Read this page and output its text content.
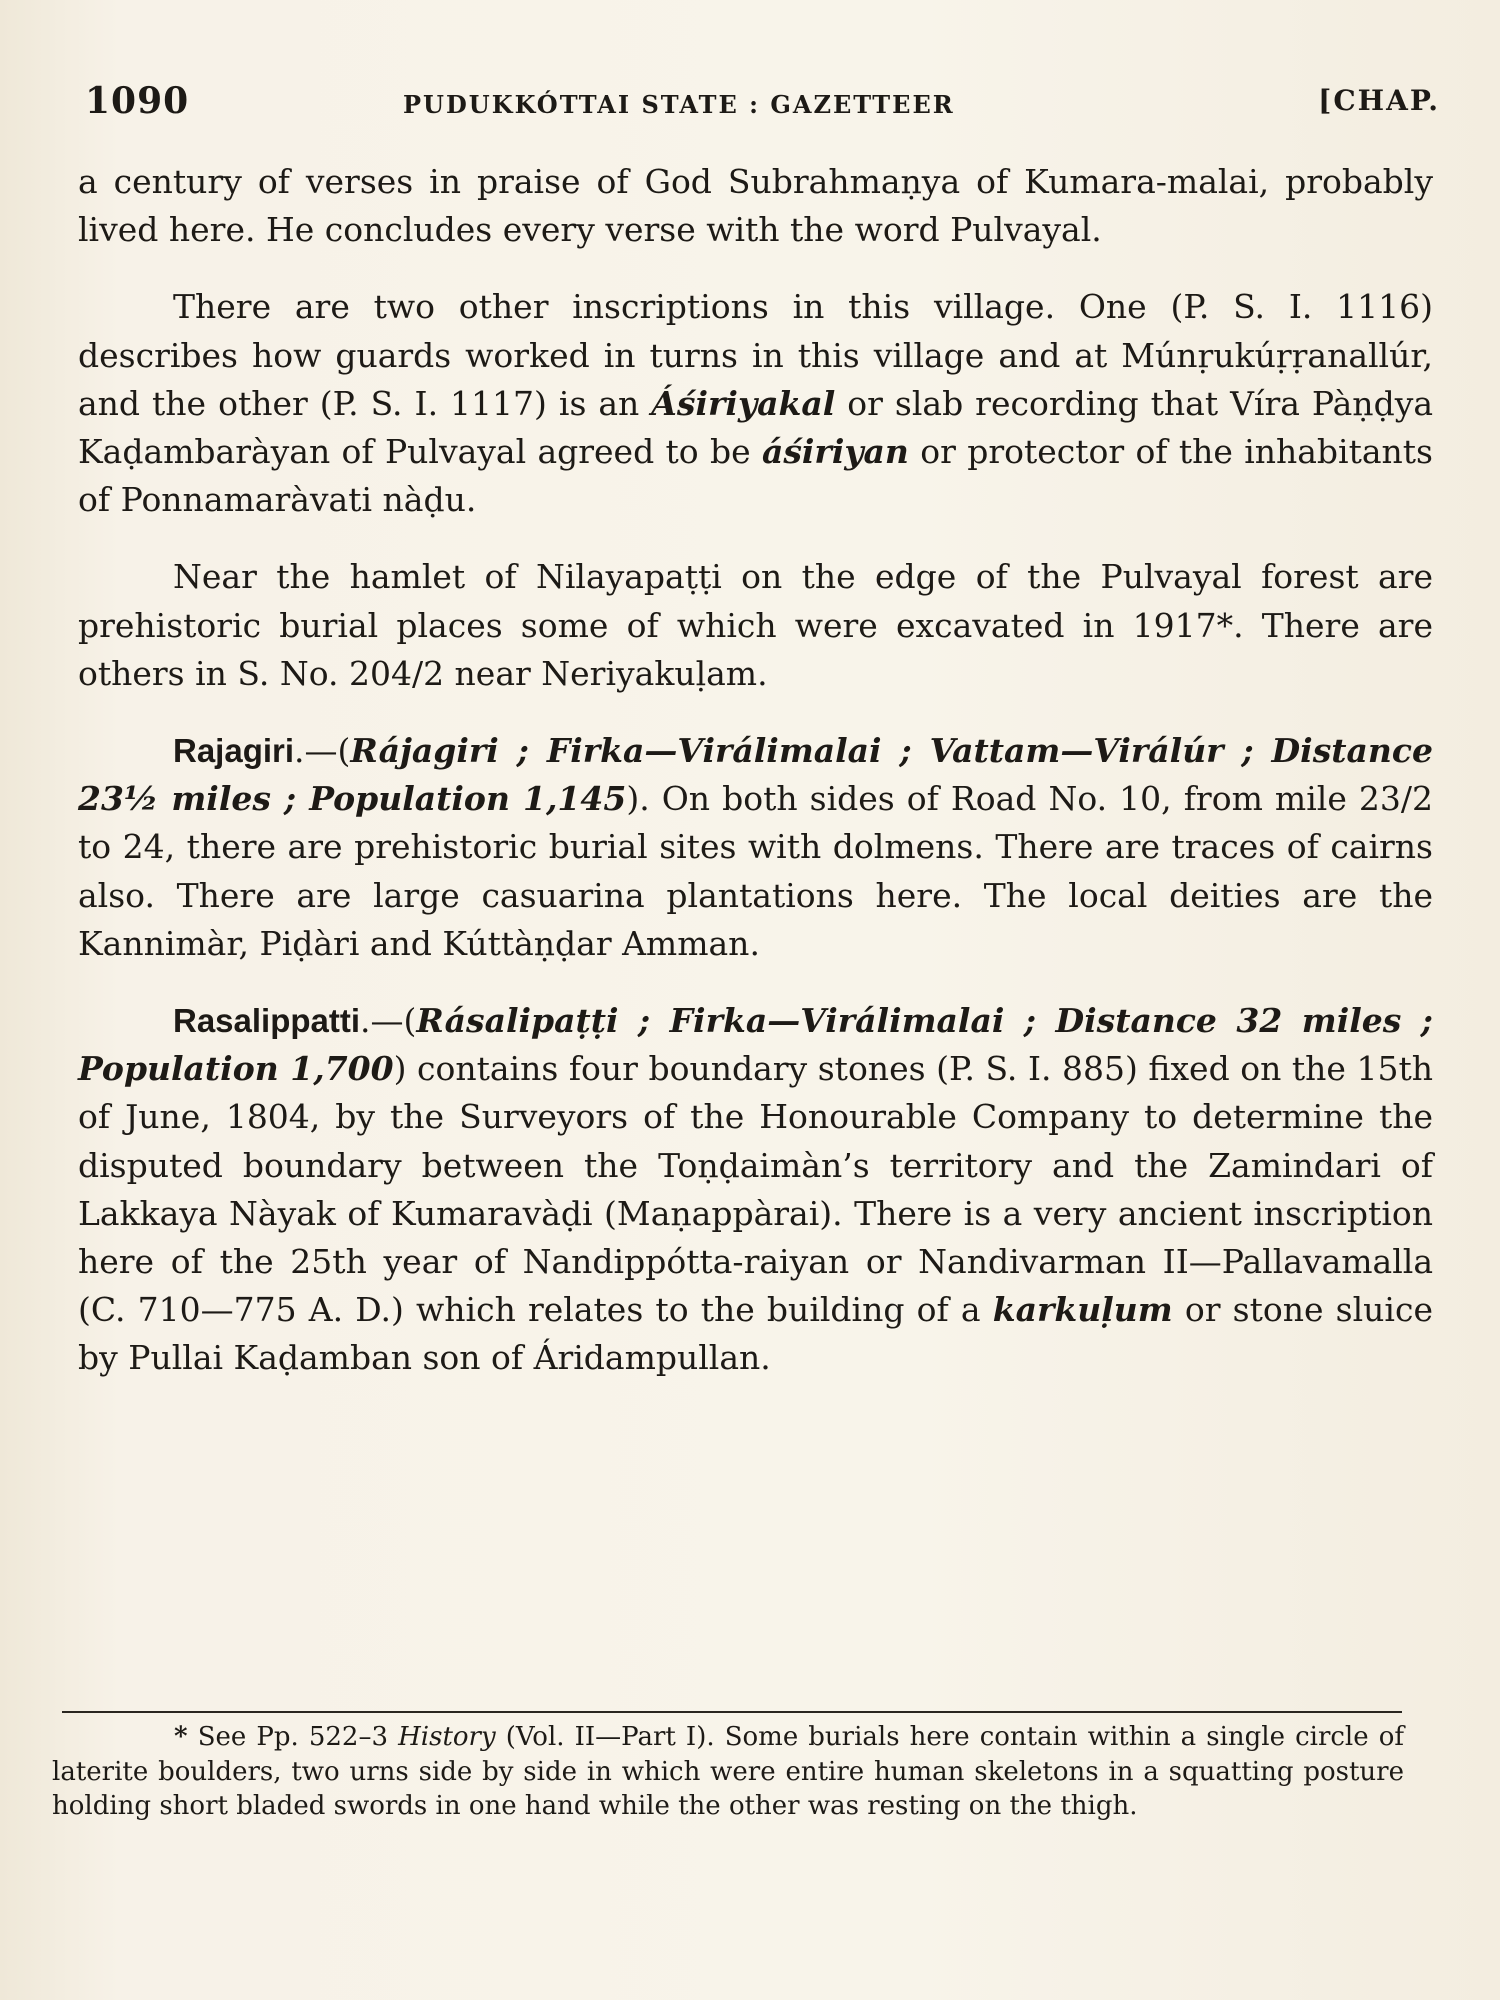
1090	PUDUKKÓTTAI STATE : GAZETTEER	[CHAP.

a century of verses in praise of God Subrahmaṇya of Kumara-malai, probably lived here. He concludes every verse with the word Pulvayal.

There are two other inscriptions in this village. One (P. S. I. 1116) describes how guards worked in turns in this village and at Múnṛukúṛṛanallúr, and the other (P. S. I. 1117) is an Áśiriyakal or slab recording that Víra Pàṇḍya Kaḍambaràyan of Pulvayal agreed to be áśiriyan or protector of the inhabitants of Ponnamaràvati nàḍu.

Near the hamlet of Nilayapaṭṭi on the edge of the Pulvayal forest are prehistoric burial places some of which were excavated in 1917*. There are others in S. No. 204/2 near Neriyakuḷam.

Rajagiri.—(Rájagiri ; Firka—Virálimalai ; Vattam—Virálúr ; Distance 23½ miles ; Population 1,145). On both sides of Road No. 10, from mile 23/2 to 24, there are prehistoric burial sites with dolmens. There are traces of cairns also. There are large casuarina plantations here. The local deities are the Kannimàr, Piḍàri and Kúttàṇḍar Amman.

Rasalippatti.—(Rásalipaṭṭi ; Firka—Virálimalai ; Distance 32 miles ; Population 1,700) contains four boundary stones (P. S. I. 885) fixed on the 15th of June, 1804, by the Surveyors of the Honourable Company to determine the disputed boundary between the Toṇḍaimàn’s territory and the Zamindari of Lakkaya Nàyak of Kumaravàḍi (Maṇappàrai). There is a very ancient inscription here of the 25th year of Nandippótta-raiyan or Nandivarman II—Pallavamalla (C. 710—775 A. D.) which relates to the building of a karkuḷum or stone sluice by Pullai Kaḍamban son of Áridampullan.

* See Pp. 522–3 History (Vol. II—Part I). Some burials here contain within a single circle of laterite boulders, two urns side by side in which were entire human skeletons in a squatting posture holding short bladed swords in one hand while the other was resting on the thigh.
